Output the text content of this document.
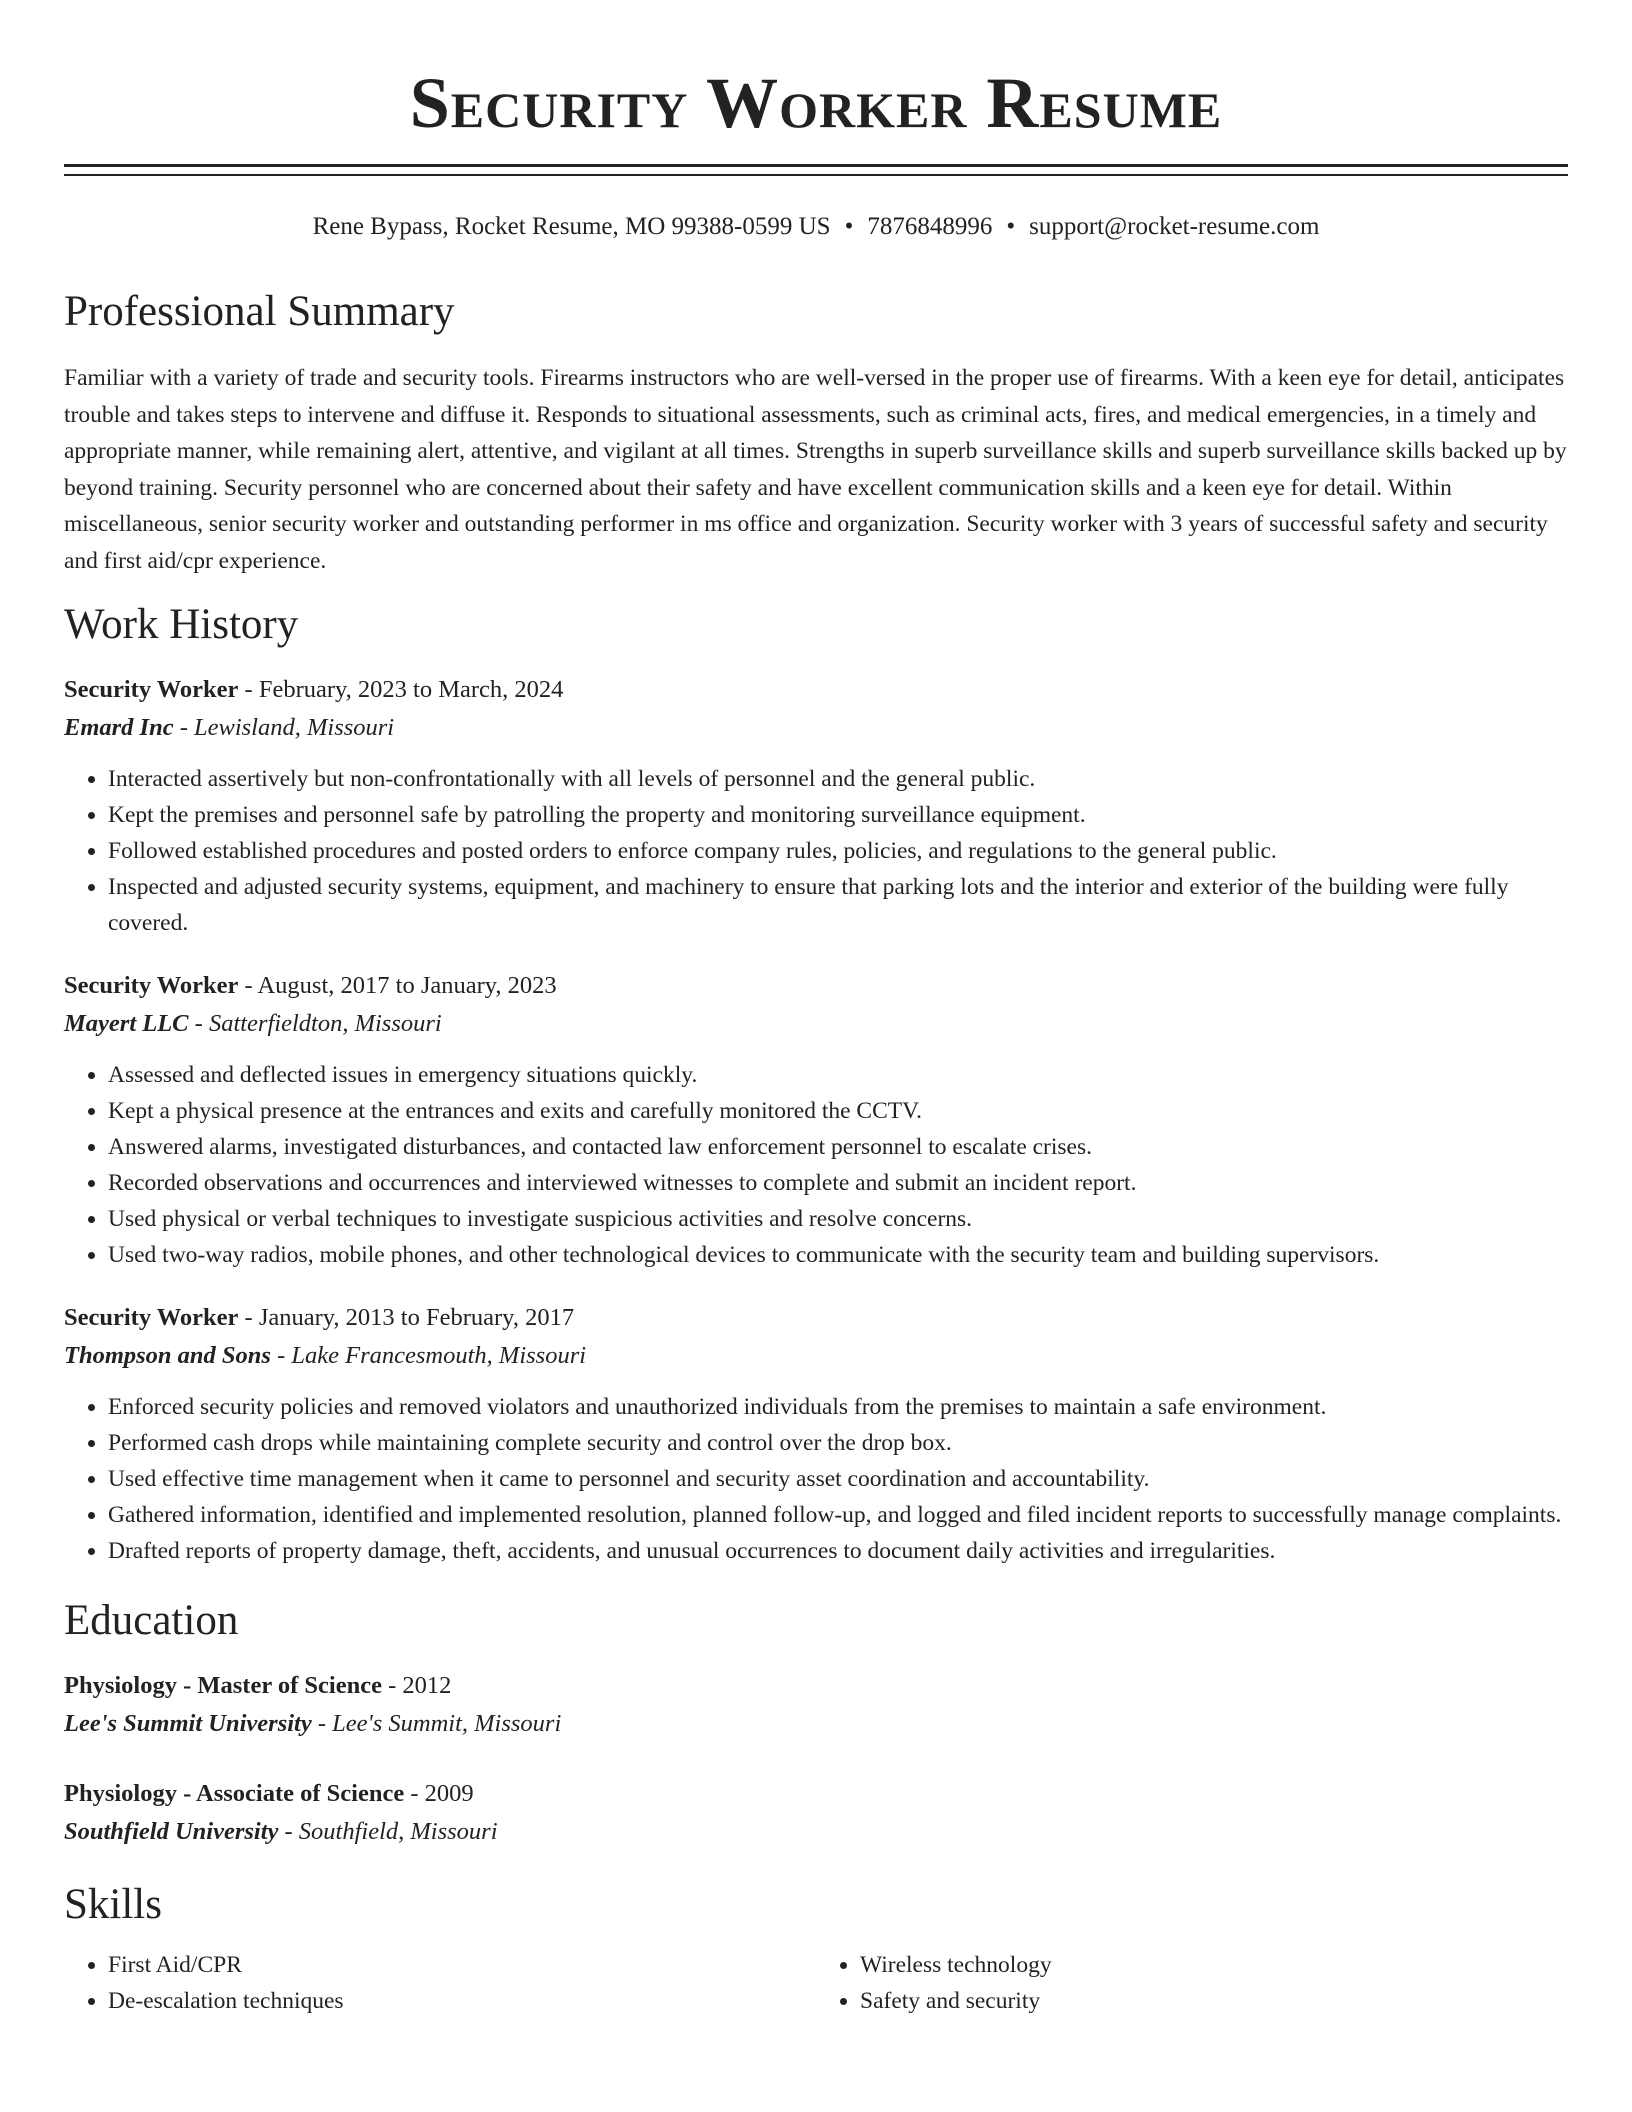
Security Worker Resume
Rene Bypass, Rocket Resume, MO 99388-0599 US • 7876848996 • support@rocket-resume.com
Professional Summary
Familiar with a variety of trade and security tools. Firearms instructors who are well-versed in the proper use of firearms. With a keen eye for detail, anticipates trouble and takes steps to intervene and diffuse it. Responds to situational assessments, such as criminal acts, fires, and medical emergencies, in a timely and appropriate manner, while remaining alert, attentive, and vigilant at all times. Strengths in superb surveillance skills and superb surveillance skills backed up by beyond training. Security personnel who are concerned about their safety and have excellent communication skills and a keen eye for detail. Within miscellaneous, senior security worker and outstanding performer in ms office and organization. Security worker with 3 years of successful safety and security and first aid/cpr experience.
Work History
Security Worker - February, 2023 to March, 2024
Emard Inc - Lewisland, Missouri
• Interacted assertively but non-confrontationally with all levels of personnel and the general public.
• Kept the premises and personnel safe by patrolling the property and monitoring surveillance equipment.
• Followed established procedures and posted orders to enforce company rules, policies, and regulations to the general public.
• Inspected and adjusted security systems, equipment, and machinery to ensure that parking lots and the interior and exterior of the building were fully covered.
Security Worker - August, 2017 to January, 2023
Mayert LLC - Satterfieldton, Missouri
• Assessed and deflected issues in emergency situations quickly.
• Kept a physical presence at the entrances and exits and carefully monitored the CCTV.
• Answered alarms, investigated disturbances, and contacted law enforcement personnel to escalate crises.
• Recorded observations and occurrences and interviewed witnesses to complete and submit an incident report.
• Used physical or verbal techniques to investigate suspicious activities and resolve concerns.
• Used two-way radios, mobile phones, and other technological devices to communicate with the security team and building supervisors.
Security Worker - January, 2013 to February, 2017
Thompson and Sons - Lake Francesmouth, Missouri
• Enforced security policies and removed violators and unauthorized individuals from the premises to maintain a safe environment.
• Performed cash drops while maintaining complete security and control over the drop box.
• Used effective time management when it came to personnel and security asset coordination and accountability.
• Gathered information, identified and implemented resolution, planned follow-up, and logged and filed incident reports to successfully manage complaints.
• Drafted reports of property damage, theft, accidents, and unusual occurrences to document daily activities and irregularities.
Education
Physiology - Master of Science - 2012
Lee's Summit University - Lee's Summit, Missouri
Physiology - Associate of Science - 2009
Southfield University - Southfield, Missouri
Skills
• First Aid/CPR
• De-escalation techniques
• Wireless technology
• Safety and security
